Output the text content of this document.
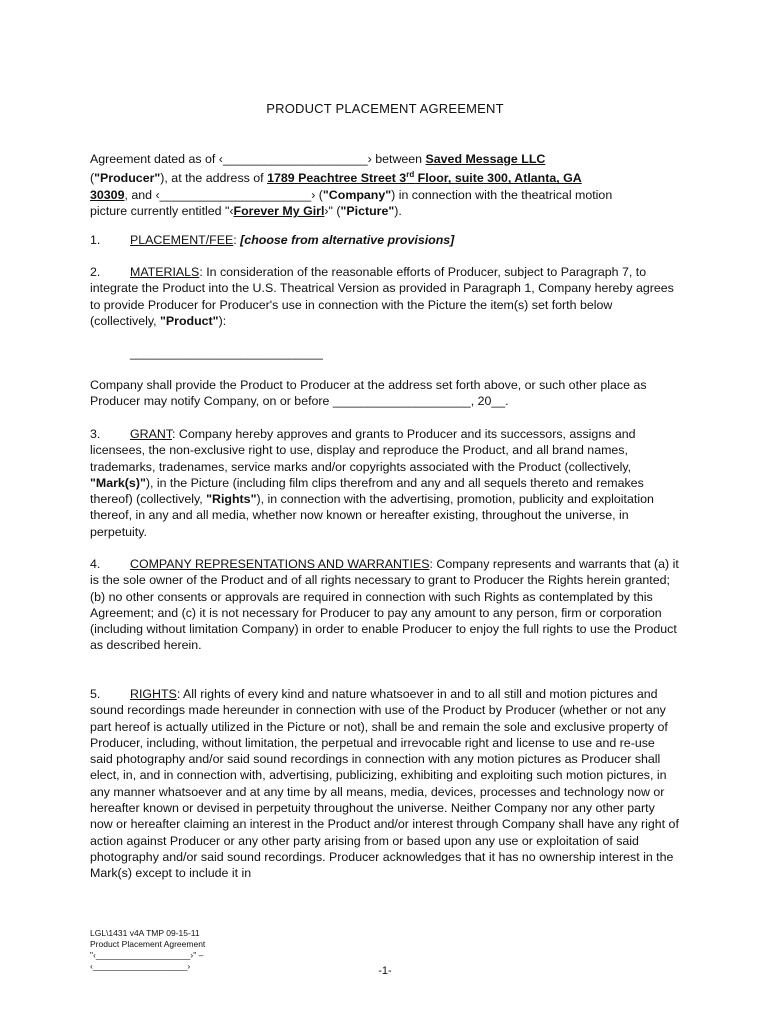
PRODUCT PLACEMENT AGREEMENT

Agreement dated as of ‹_____________________› between Saved Message LLC
("Producer"), at the address of 1789 Peachtree Street 3rd Floor, suite 300, Atlanta, GA
30309, and ‹______________________› ("Company") in connection with the theatrical motion
picture currently entitled "‹Forever My Girl›" ("Picture").

1. PLACEMENT/FEE: [choose from alternative provisions]

2. MATERIALS: In consideration of the reasonable efforts of Producer, subject to Paragraph 7, to integrate the Product into the U.S. Theatrical Version as provided in Paragraph 1, Company hereby agrees to provide Producer for Producer's use in connection with the Picture the item(s) set forth below (collectively, "Product"):

____________________________
Company shall provide the Product to Producer at the address set forth above, or such other place as Producer may notify Company, on or before ____________________, 20__.

3. GRANT: Company hereby approves and grants to Producer and its successors, assigns and licensees, the non-exclusive right to use, display and reproduce the Product, and all brand names, trademarks, tradenames, service marks and/or copyrights associated with the Product (collectively, "Mark(s)"), in the Picture (including film clips therefrom and any and all sequels thereto and remakes thereof) (collectively, "Rights"), in connection with the advertising, promotion, publicity and exploitation thereof, in any and all media, whether now known or hereafter existing, throughout the universe, in perpetuity.

4. COMPANY REPRESENTATIONS AND WARRANTIES: Company represents and warrants that (a) it is the sole owner of the Product and of all rights necessary to grant to Producer the Rights herein granted; (b) no other consents or approvals are required in connection with such Rights as contemplated by this Agreement; and (c) it is not necessary for Producer to pay any amount to any person, firm or corporation (including without limitation Company) in order to enable Producer to enjoy the full rights to use the Product as described herein.

5. RIGHTS: All rights of every kind and nature whatsoever in and to all still and motion pictures and sound recordings made hereunder in connection with use of the Product by Producer (whether or not any part hereof is actually utilized in the Picture or not), shall be and remain the sole and exclusive property of Producer, including, without limitation, the perpetual and irrevocable right and license to use and re-use said photography and/or said sound recordings in connection with any motion pictures as Producer shall elect, in, and in connection with, advertising, publicizing, exhibiting and exploiting such motion pictures, in any manner whatsoever and at any time by all means, media, devices, processes and technology now or hereafter known or devised in perpetuity throughout the universe. Neither Company nor any other party now or hereafter claiming an interest in the Product and/or interest through Company shall have any right of action against Producer or any other party arising from or based upon any use or exploitation of said photography and/or said sound recordings. Producer acknowledges that it has no ownership interest in the Mark(s) except to include it in

LGL\1431 v4A TMP 09-15-11
Product Placement Agreement
"‹____________________›" –
‹____________________›	-1-
